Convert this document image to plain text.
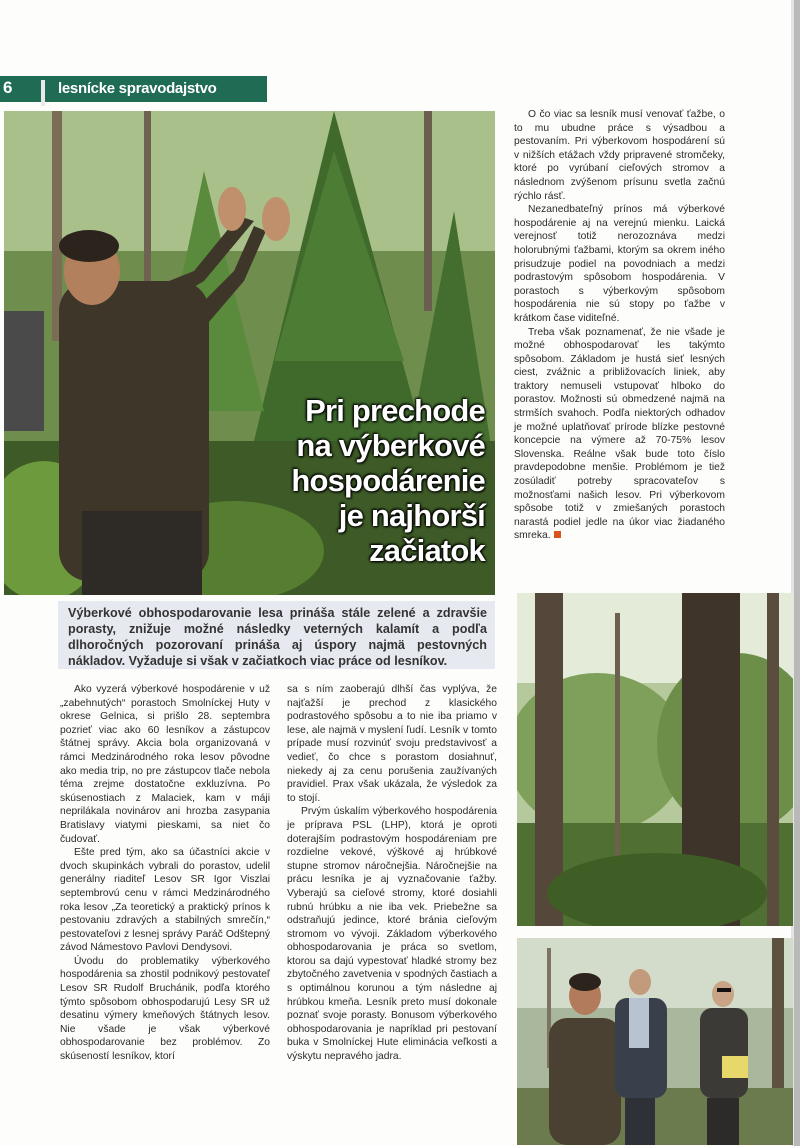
6	lesnícke spravodajstvo
Pri prechode
na výberkové
hospodárenie
je najhorší
začiatok

Výberkové obhospodarovanie lesa prináša stále zelené a zdravšie porasty, znižuje možné následky veterných kalamít a podľa dlhoročných pozorovaní prináša aj úspory najmä pestovných nákladov. Vyžaduje si však v začiatkoch viac práce od lesníkov.

Ako vyzerá výberkové hospodárenie v už „zabehnutých“ porastoch Smolníckej Huty v okrese Gelnica, si prišlo 28. septembra pozrieť viac ako 60 lesníkov a zástupcov štátnej správy. Akcia bola organizovaná v rámci Medzinárodného roka lesov pôvodne ako media trip, no pre zástupcov tlače nebola téma zrejme dostatočne exkluzívna. Po skúsenostiach z Malaciek, kam v máji neprilákala novinárov ani hrozba zasypania Bratislavy viatymi pieskami, sa niet čo čudovať.

Ešte pred tým, ako sa účastníci akcie v dvoch skupinkách vybrali do porastov, udelil generálny riaditeľ Lesov SR Igor Viszlai septembrovú cenu v rámci Medzinárodného roka lesov „Za teoretický a praktický prínos k pestovaniu zdravých a stabilných smrečín,“ pestovateľovi z lesnej správy Paráč Odštepný závod Námestovo Pavlovi Dendysovi.

Úvodu do problematiky výberkového hospodárenia sa zhostil podnikový pestovateľ Lesov SR Rudolf Bruchánik, podľa ktorého týmto spôsobom obhospodarujú Lesy SR už desatinu výmery kmeňových štátnych lesov. Nie všade je však výberkové obhospodarovanie bez problémov. Zo skúseností lesníkov, ktorí

sa s ním zaoberajú dlhší čas vyplýva, že najťažší je prechod z klasického podrastového spôsobu a to nie iba priamo v lese, ale najmä v myslení ľudí. Lesník v tomto prípade musí rozvinúť svoju predstavivosť a vedieť, čo chce s porastom dosiahnuť, niekedy aj za cenu porušenia zaužívaných pravidiel. Prax však ukázala, že výsledok za to stojí.

Prvým úskalím výberkového hospodárenia je príprava PSL (LHP), ktorá je oproti doterajším podrastovým hospodáreniam pre rozdielne vekové, výškové aj hrúbkové stupne stromov náročnejšia. Náročnejšie na prácu lesníka je aj vyznačovanie ťažby. Vyberajú sa cieľové stromy, ktoré dosiahli rubnú hrúbku a nie iba vek. Priebežne sa odstraňujú jedince, ktoré bránia cieľovým stromom vo vývoji. Základom výberkového obhospodarovania je práca so svetlom, ktorou sa dajú vypestovať hladké stromy bez zbytočného zavetvenia v spodných častiach a s optimálnou korunou a tým následne aj hrúbkou kmeňa. Lesník preto musí dokonale poznať svoje porasty. Bonusom výberkového obhospodarovania je napríklad pri pestovaní buka v Smolníckej Hute eliminácia veľkosti a výskytu nepravého jadra.

O čo viac sa lesník musí venovať ťažbe, o to mu ubudne práce s výsadbou a pestovaním. Pri výberkovom hospodárení sú v nižších etážach vždy pripravené stromčeky, ktoré po vyrúbaní cieľových stromov a následnom zvýšenom prísunu svetla začnú rýchlo rásť.

Nezanedbateľný prínos má výberkové hospodárenie aj na verejnú mienku. Laická verejnosť totiž nerozoznáva medzi holorubnými ťažbami, ktorým sa okrem iného prisudzuje podiel na povodniach a medzi podrastovým spôsobom hospodárenia. V porastoch s výberkovým spôsobom hospodárenia nie sú stopy po ťažbe v krátkom čase viditeľné.

Treba však poznamenať, že nie všade je možné obhospodarovať les takýmto spôsobom. Základom je hustá sieť lesných ciest, zvážnic a približovacích liniek, aby traktory nemuseli vstupovať hlboko do porastov. Možnosti sú obmedzené najmä na strmších svahoch. Podľa niektorých odhadov je možné uplatňovať prírode blízke pestovné koncepcie na výmere až 70-75% lesov Slovenska. Reálne však bude toto číslo pravdepodobne menšie. Problémom je tiež zosúladiť potreby spracovateľov s možnosťami našich lesov. Pri výberkovom spôsobe totiž v zmiešaných porastoch narastá podiel jedle na úkor viac žiadaného smreka.
